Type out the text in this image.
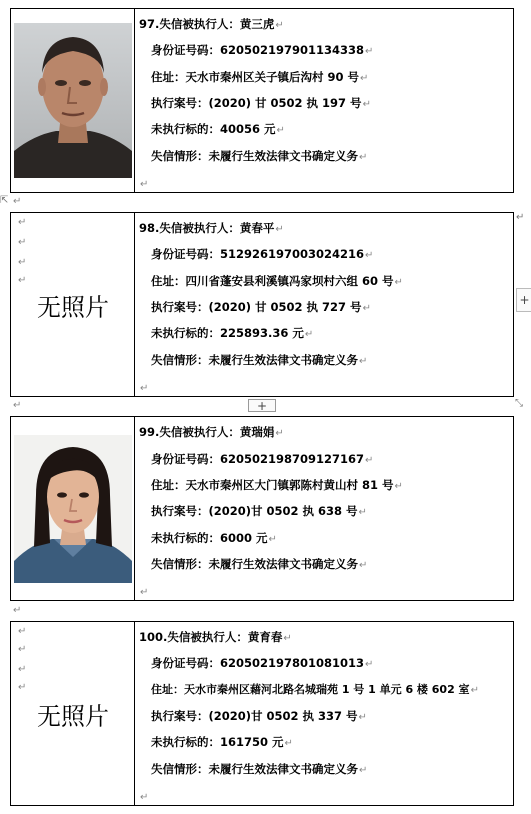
97.失信被执行人：黄三虎↵
身份证号码：620502197901134338↵
住址：天水市秦州区关子镇后沟村 90 号↵
执行案号：(2020) 甘 0502 执 197 号↵
未执行标的：40056 元↵
失信情形：未履行生效法律文书确定义务↵
↵
⇱ ↵
↵
↵
↵
↵
无照片
98.失信被执行人：黄春平↵
身份证号码：512926197003024216↵
住址：四川省蓬安县利溪镇冯家坝村六组 60 号↵
执行案号：(2020) 甘 0502 执 727 号↵
未执行标的：225893.36 元↵
失信情形：未履行生效法律文书确定义务↵
↵
↵	+
+
⤡
↵
99.失信被执行人：黄瑞娟↵
身份证号码：620502198709127167↵
住址：天水市秦州区大门镇郭陈村黄山村 81 号↵
执行案号：(2020)甘 0502 执 638 号↵
未执行标的：6000 元↵
失信情形：未履行生效法律文书确定义务↵
↵
↵
↵
↵
↵
↵
无照片
100.失信被执行人：黄育春↵
身份证号码：620502197801081013↵
住址：天水市秦州区藉河北路名城瑞苑 1 号 1 单元 6 楼 602 室↵
执行案号：(2020)甘 0502 执 337 号↵
未执行标的：161750 元↵
失信情形：未履行生效法律文书确定义务↵
↵
